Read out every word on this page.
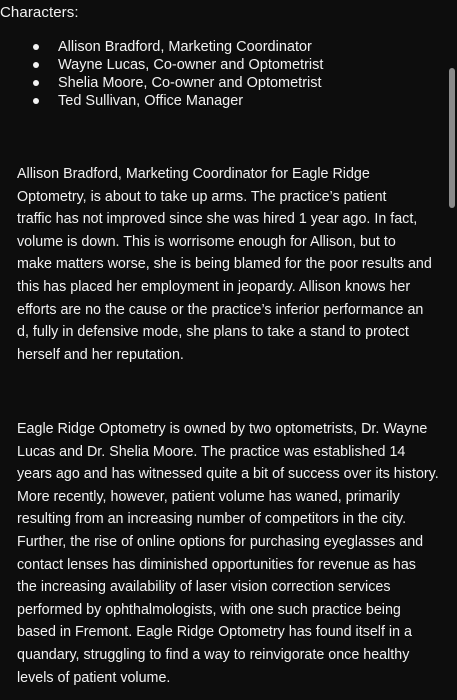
Characters:
Allison Bradford, Marketing Coordinator
Wayne Lucas, Co-owner and Optometrist
Shelia Moore, Co-owner and Optometrist
Ted Sullivan, Office Manager

Allison Bradford, Marketing Coordinator for Eagle Ridge
Optometry, is about to take up arms. The practice’s patient
traffic has not improved since she was hired 1 year ago. In fact,
volume is down. This is worrisome enough for Allison, but to
make matters worse, she is being blamed for the poor results and
this has placed her employment in jeopardy. Allison knows her
efforts are no the cause or the practice’s inferior performance an
d, fully in defensive mode, she plans to take a stand to protect
herself and her reputation.

Eagle Ridge Optometry is owned by two optometrists, Dr. Wayne
Lucas and Dr. Shelia Moore. The practice was established 14
years ago and has witnessed quite a bit of success over its history.
More recently, however, patient volume has waned, primarily
resulting from an increasing number of competitors in the city.
Further, the rise of online options for purchasing eyeglasses and
contact lenses has diminished opportunities for revenue as has
the increasing availability of laser vision correction services
performed by ophthalmologists, with one such practice being
based in Fremont. Eagle Ridge Optometry has found itself in a
quandary, struggling to find a way to reinvigorate once healthy
levels of patient volume.
